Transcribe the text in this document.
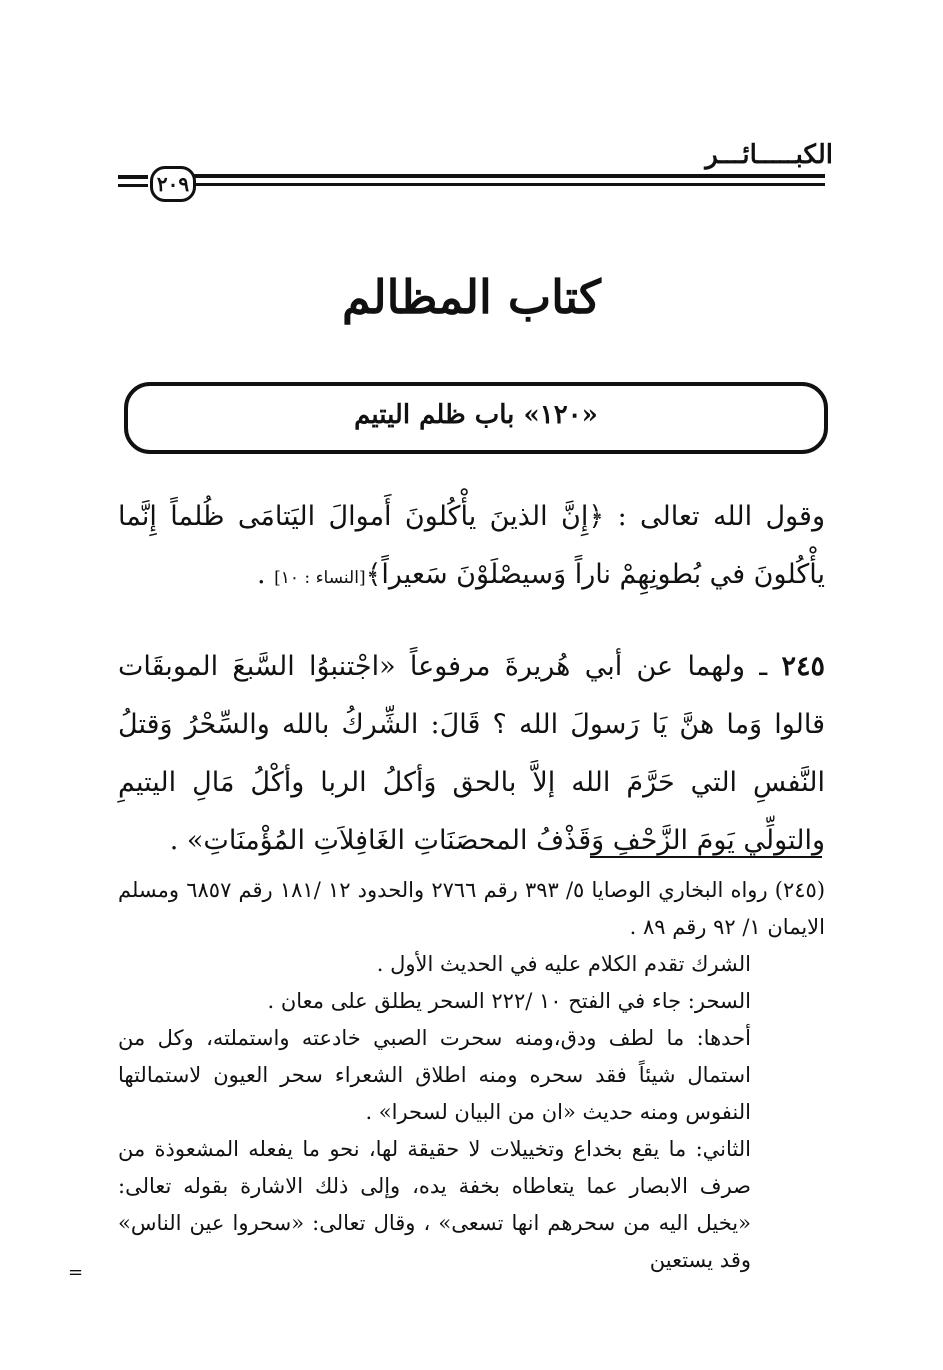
الكبـــــائـــر
٢٠٩
كتاب المظالم
«١٢٠» باب ظلم اليتيم
وقول الله تعالى : ﴿إِنَّ الذينَ يأْكُلونَ أَموالَ اليَتامَى ظُلماً إِنَّما يأْكُلونَ في بُطونِهِمْ ناراً وَسيصْلَوْنَ سَعيراً﴾[النساء : ١٠] .
٢٤٥ ـ ولهما عن أبي هُريرةَ مرفوعاً «اجْتنبوُا السَّبعَ الموبقَات قالوا وَما هنَّ يَا رَسولَ الله ؟ قَالَ: الشِّركُ بالله والسِّحْرُ وَقتلُ النَّفسِ التي حَرَّمَ الله إلاَّ بالحق وَأكلُ الربا وأكْلُ مَالِ اليتيمِ والتولِّي يَومَ الزَّحْفِ وَقَذْفُ المحصَنَاتِ الغَافِلاَتِ المُؤْمنَاتِ» .

(٢٤٥) رواه البخاري الوصايا ٥/ ٣٩٣ رقم ٢٧٦٦ والحدود ١٢ /١٨١ رقم ٦٨٥٧ ومسلم الايمان ١/ ٩٢ رقم ٨٩ .

الشرك تقدم الكلام عليه في الحديث الأول .

السحر: جاء في الفتح ١٠ /٢٢٢ السحر يطلق على معان .

أحدها: ما لطف ودق،ومنه سحرت الصبي خادعته واستملته، وكل من استمال شيئاً فقد سحره ومنه اطلاق الشعراء سحر العيون لاستمالتها النفوس ومنه حديث «ان من البيان لسحرا» .

الثاني: ما يقع بخداع وتخييلات لا حقيقة لها، نحو ما يفعله المشعوذة من صرف الابصار عما يتعاطاه بخفة يده، وإلى ذلك الاشارة بقوله تعالى: «يخيل اليه من سحرهم انها تسعى» ، وقال تعالى: «سحروا عين الناس» وقد يستعين

=
